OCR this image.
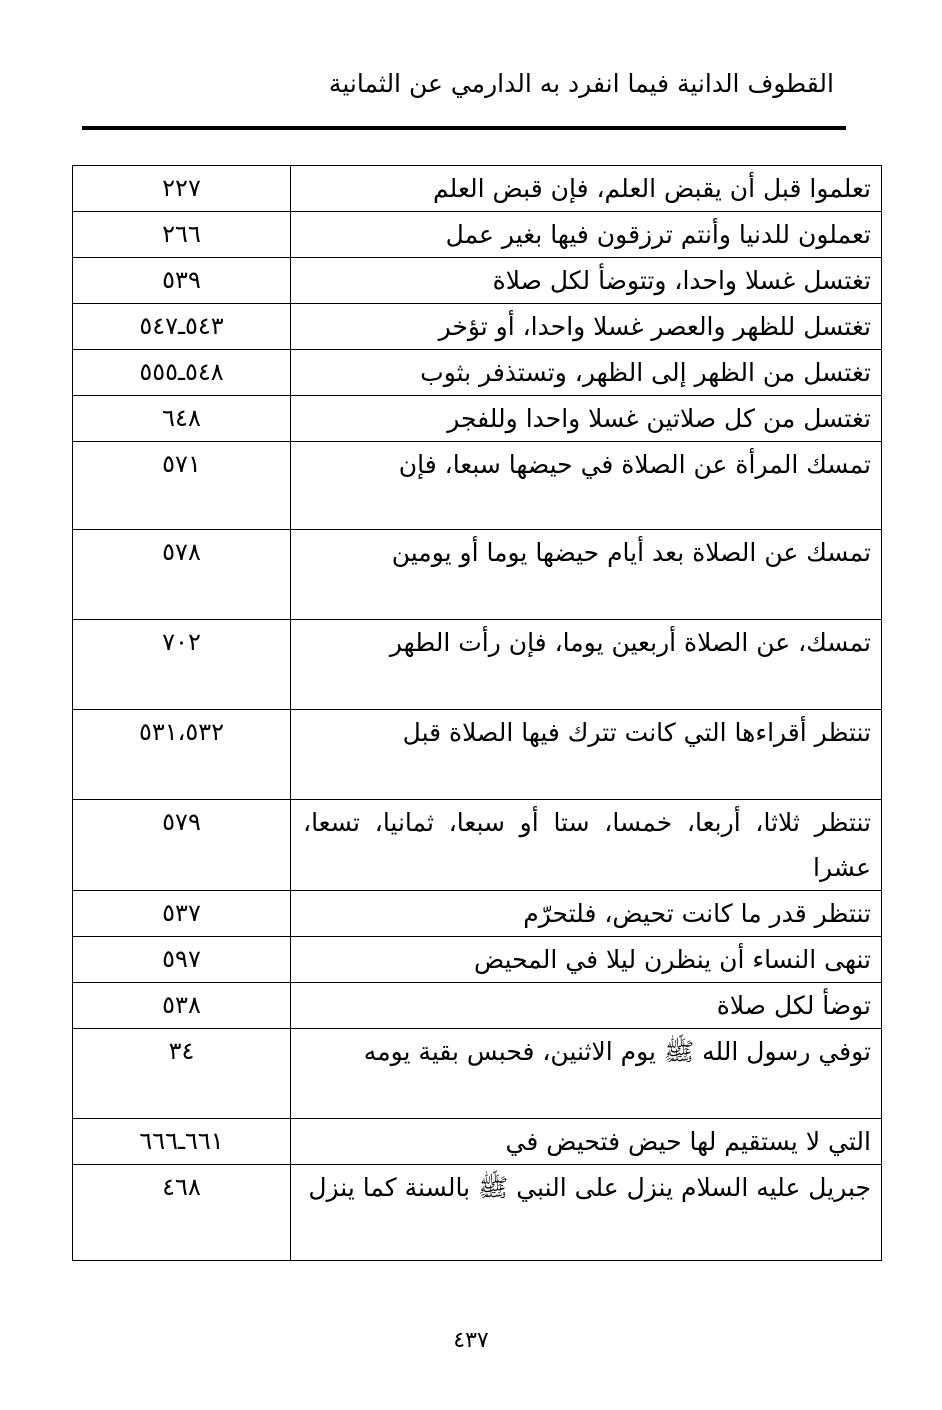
القطوف الدانية فيما انفرد به الدارمي عن الثمانية
تعلموا قبل أن يقبض العلم، فإن قبض العلم	٢٢٧
تعملون للدنيا وأنتم ترزقون فيها بغير عمل	٢٦٦
تغتسل غسلا واحدا، وتتوضأ لكل صلاة	٥٣٩
تغتسل للظهر والعصر غسلا واحدا، أو تؤخر	٥٤٣ـ٥٤٧
تغتسل من الظهر إلى الظهر، وتستذفر بثوب	٥٤٨ـ٥٥٥
تغتسل من كل صلاتين غسلا واحدا وللفجر	٦٤٨
تمسك المرأة عن الصلاة في حيضها سبعا، فإن	٥٧١
تمسك عن الصلاة بعد أيام حيضها يوما أو يومين	٥٧٨
تمسك، عن الصلاة أربعين يوما، فإن رأت الطهر	٧٠٢
تنتظر أقراءها التي كانت تترك فيها الصلاة قبل	٥٣١،٥٣٢
تنتظر ثلاثا، أربعا، خمسا، ستا أو سبعا، ثمانيا، تسعا، عشرا	٥٧٩
تنتظر قدر ما كانت تحيض، فلتحرّم	٥٣٧
تنهى النساء أن ينظرن ليلا في المحيض	٥٩٧
توضأ لكل صلاة	٥٣٨
توفي رسول الله ﷺ يوم الاثنين، فحبس بقية يومه	٣٤
التي لا يستقيم لها حيض فتحيض في	٦٦١ـ٦٦٦
جبريل عليه السلام ينزل على النبي ﷺ بالسنة كما ينزل	٤٦٨
٤٣٧
